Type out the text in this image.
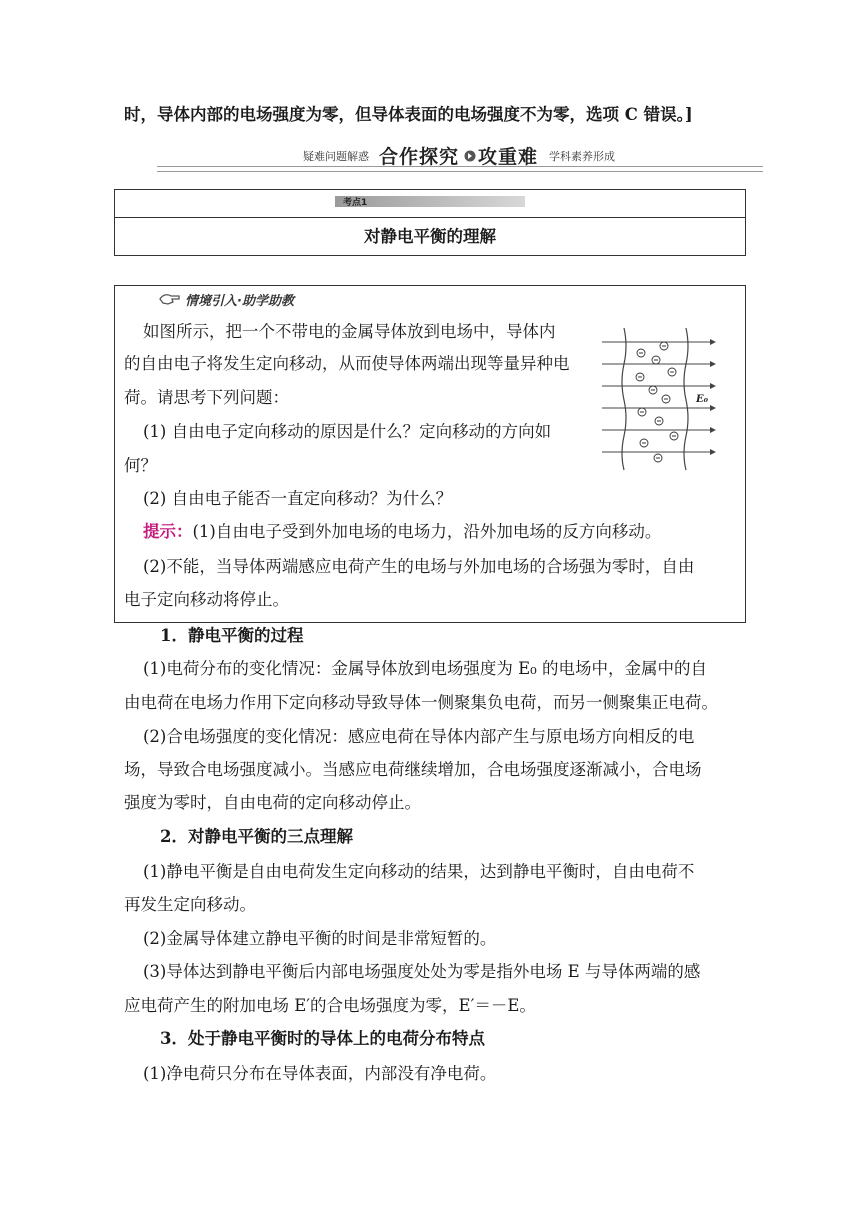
时，导体内部的电场强度为零，但导体表面的电场强度不为零，选项 C 错误。]
疑难问题解惑 合作探究 攻重难 学科素养形成
考点1
对静电平衡的理解
情境引入·助学助教
如图所示，把一个不带电的金属导体放到电场中，导体内
的自由电子将发生定向移动，从而使导体两端出现等量异种电
荷。请思考下列问题：
(1) 自由电子定向移动的原因是什么？定向移动的方向如
何？
(2) 自由电子能否一直定向移动？为什么？
E₀
提示：(1)自由电子受到外加电场的电场力，沿外加电场的反方向移动。
(2)不能，当导体两端感应电荷产生的电场与外加电场的合场强为零时，自由
电子定向移动将停止。
1．静电平衡的过程
(1)电荷分布的变化情况：金属导体放到电场强度为 E₀ 的电场中，金属中的自
由电荷在电场力作用下定向移动导致导体一侧聚集负电荷，而另一侧聚集正电荷。
(2)合电场强度的变化情况：感应电荷在导体内部产生与原电场方向相反的电
场，导致合电场强度减小。当感应电荷继续增加，合电场强度逐渐减小，合电场
强度为零时，自由电荷的定向移动停止。
2．对静电平衡的三点理解
(1)静电平衡是自由电荷发生定向移动的结果，达到静电平衡时，自由电荷不
再发生定向移动。
(2)金属导体建立静电平衡的时间是非常短暂的。
(3)导体达到静电平衡后内部电场强度处处为零是指外电场 E 与导体两端的感
应电荷产生的附加电场 E′的合电场强度为零，E′＝－E。
3．处于静电平衡时的导体上的电荷分布特点
(1)净电荷只分布在导体表面，内部没有净电荷。
